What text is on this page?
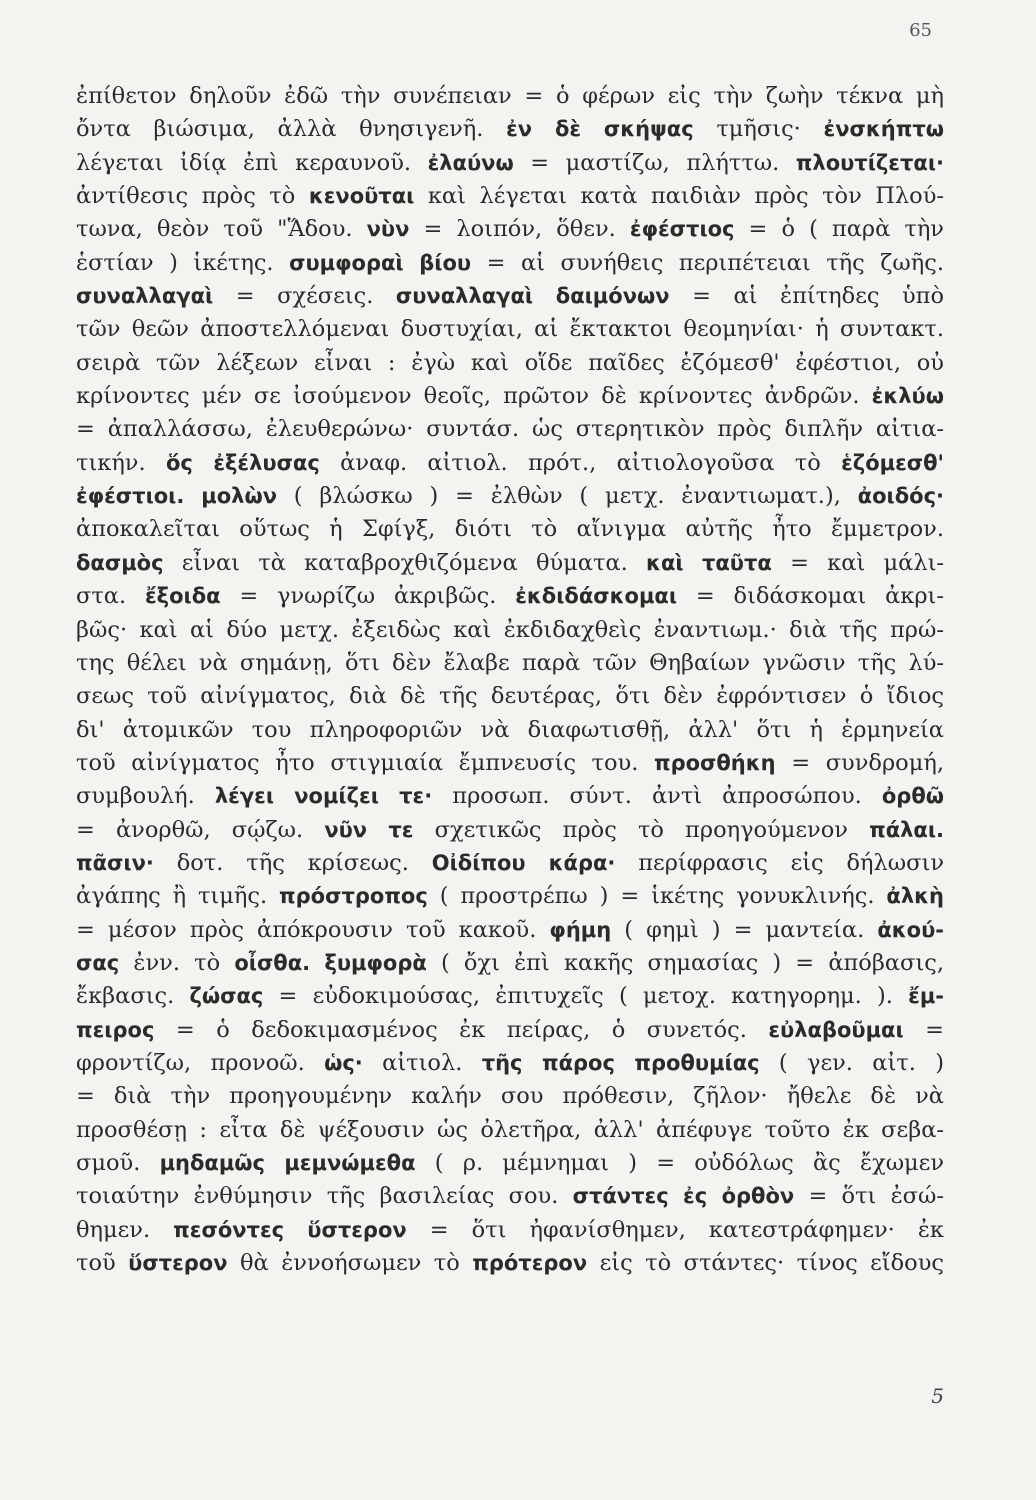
65
ἐπίθετον δηλοῦν ἐδῶ τὴν συνέπειαν = ὁ φέρων εἰς τὴν ζωὴν τέκνα μὴ
ὄντα βιώσιμα, ἀλλὰ θνησιγενῆ. ἐν δὲ σκήψας τμῆσις· ἐνσκήπτω
λέγεται ἰδίᾳ ἐπὶ κεραυνοῦ. ἐλαύνω = μαστίζω, πλήττω. πλουτίζεται·
ἀντίθεσις πρὸς τὸ κενοῦται καὶ λέγεται κατὰ παιδιὰν πρὸς τὸν Πλού-
τωνα, θεὸν τοῦ "Ἅδου. νὺν = λοιπόν, ὅθεν. ἐφέστιος = ὁ ( παρὰ τὴν
ἑστίαν ) ἱκέτης. συμφοραὶ βίου = αἱ συνήθεις περιπέτειαι τῆς ζωῆς.
συναλλαγαὶ = σχέσεις. συναλλαγαὶ δαιμόνων = αἱ ἐπίτηδες ὑπὸ
τῶν θεῶν ἀποστελλόμεναι δυστυχίαι, αἱ ἔκτακτοι θεομηνίαι· ἡ συντακτ.
σειρὰ τῶν λέξεων εἶναι : ἐγὼ καὶ οἵδε παῖδες ἑζόμεσθ' ἐφέστιοι, οὐ
κρίνοντες μέν σε ἰσούμενον θεοῖς, πρῶτον δὲ κρίνοντες ἀνδρῶν. ἐκλύω
= ἀπαλλάσσω, ἐλευθερώνω· συντάσ. ὡς στερητικὸν πρὸς διπλῆν αἰτια-
τικήν. ὅς ἐξέλυσας ἀναφ. αἰτιολ. πρότ., αἰτιολογοῦσα τὸ ἑζόμεσθ'
ἐφέστιοι. μολὼν ( βλώσκω ) = ἐλθὼν ( μετχ. ἐναντιωματ.), ἀοιδός·
ἀποκαλεῖται οὕτως ἡ Σφίγξ, διότι τὸ αἴνιγμα αὐτῆς ἦτο ἔμμετρον.
δασμὸς εἶναι τὰ καταβροχθιζόμενα θύματα. καὶ ταῦτα = καὶ μάλι-
στα. ἔξοιδα = γνωρίζω ἀκριβῶς. ἐκδιδάσκομαι = διδάσκομαι ἀκρι-
βῶς· καὶ αἱ δύο μετχ. ἐξειδὼς καὶ ἐκδιδαχθεὶς ἐναντιωμ.· διὰ τῆς πρώ-
της θέλει νὰ σημάνῃ, ὅτι δὲν ἔλαβε παρὰ τῶν Θηβαίων γνῶσιν τῆς λύ-
σεως τοῦ αἰνίγματος, διὰ δὲ τῆς δευτέρας, ὅτι δὲν ἐφρόντισεν ὁ ἴδιος
δι' ἀτομικῶν του πληροφοριῶν νὰ διαφωτισθῇ, ἀλλ' ὅτι ἡ ἑρμηνεία
τοῦ αἰνίγματος ἦτο στιγμιαία ἔμπνευσίς του. προσθήκη = συνδρομή,
συμβουλή. λέγει νομίζει τε· προσωπ. σύντ. ἀντὶ ἀπροσώπου. ὀρθῶ
= ἀνορθῶ, σῴζω. νῦν τε σχετικῶς πρὸς τὸ προηγούμενον πάλαι.
πᾶσιν· δοτ. τῆς κρίσεως. Οἰδίπου κάρα· περίφρασις εἰς δήλωσιν
ἀγάπης ἢ τιμῆς. πρόστροπος ( προστρέπω ) = ἱκέτης γονυκλινής. ἀλκὴ
= μέσον πρὸς ἀπόκρουσιν τοῦ κακοῦ. φήμη ( φημὶ ) = μαντεία. ἀκού-
σας ἐνν. τὸ οἶσθα. ξυμφορὰ ( ὄχι ἐπὶ κακῆς σημασίας ) = ἀπόβασις,
ἔκβασις. ζώσας = εὐδοκιμούσας, ἐπιτυχεῖς ( μετοχ. κατηγορημ. ). ἔμ-
πειρος = ὁ δεδοκιμασμένος ἐκ πείρας, ὁ συνετός. εὐλαβοῦμαι =
φροντίζω, προνοῶ. ὡς· αἰτιολ. τῆς πάρος προθυμίας ( γεν. αἰτ. )
= διὰ τὴν προηγουμένην καλήν σου πρόθεσιν, ζῆλον· ἤθελε δὲ νὰ
προσθέσῃ : εἶτα δὲ ψέξουσιν ὡς ὀλετῆρα, ἀλλ' ἀπέφυγε τοῦτο ἐκ σεβα-
σμοῦ. μηδαμῶς μεμνώμεθα ( ρ. μέμνημαι ) = οὐδόλως ἂς ἔχωμεν
τοιαύτην ἐνθύμησιν τῆς βασιλείας σου. στάντες ἐς ὀρθὸν = ὅτι ἐσώ-
θημεν. πεσόντες ὕστερον = ὅτι ἠφανίσθημεν, κατεστράφημεν· ἐκ
τοῦ ὕστερον θὰ ἐννοήσωμεν τὸ πρότερον εἰς τὸ στάντες· τίνος εἴδους
5
